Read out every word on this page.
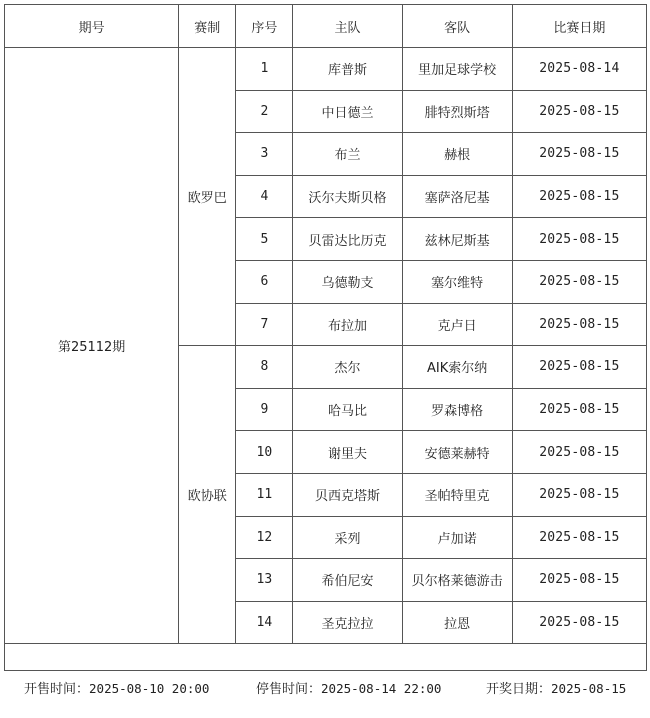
期号	赛制	序号	主队	客队	比赛日期
第25112期	欧罗巴	1	库普斯	里加足球学校	2025-08-14
		2	中日德兰	腓特烈斯塔	2025-08-15
		3	布兰	赫根	2025-08-15
		4	沃尔夫斯贝格	塞萨洛尼基	2025-08-15
		5	贝雷达比历克	兹林尼斯基	2025-08-15
		6	乌德勒支	塞尔维特	2025-08-15
		7	布拉加	克卢日	2025-08-15
	欧协联	8	杰尔	AIK索尔纳	2025-08-15
		9	哈马比	罗森博格	2025-08-15
		10	谢里夫	安德莱赫特	2025-08-15
		11	贝西克塔斯	圣帕特里克	2025-08-15
		12	采列	卢加诺	2025-08-15
		13	希伯尼安	贝尔格莱德游击	2025-08-15
		14	圣克拉拉	拉恩	2025-08-15
开售时间：2025-08-10 20:00	停售时间：2025-08-14 22:00	开奖日期：2025-08-15
